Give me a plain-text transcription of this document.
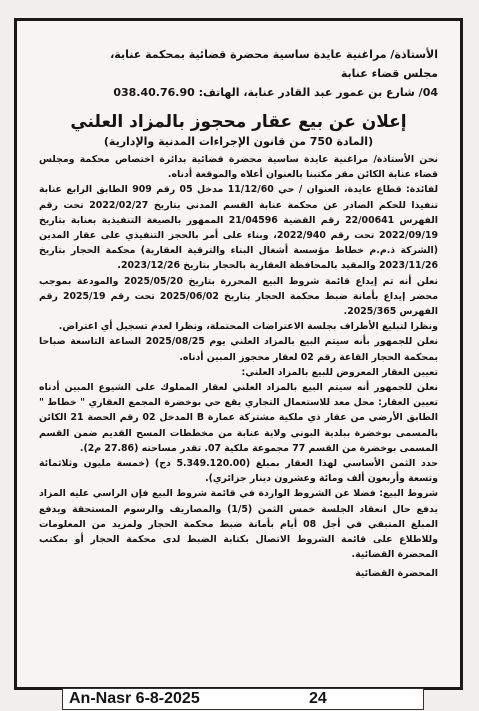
الأستاذة/ مراغنية عايدة ساسية محضرة قضائية بمحكمة عنابة،
مجلس قضاء عنابة
04/ شارع بن عمور عبد القادر عنابة، الهاتف: 038.40.76.90
إعلان عن بيع عقار محجوز بالمزاد العلني
(المادة 750 من قانون الإجراءات المدنية والإدارية)

نحن الأستاذة/ مراغنية عايدة ساسية محضرة قضائية بدائرة اختصاص محكمة ومجلس قضاء عنابة الكائن مقر مكتبنا بالعنوان أعلاه والموقعة أدناه.

لفائدة: قطاع عايدة، العنوان / حي 11/12/60 مدخل 05 رقم 909 الطابق الرابع عنابة تنفيذا للحكم الصادر عن محكمة عنابة القسم المدني بتاريخ 2022/02/27 تحت رقم الفهرس 22/00641 رقم القضية 21/04596 الممهور بالصيغة التنفيذية بعنابة بتاريخ 2022/09/19 تحت رقم 2022/940، وبناء على أمر بالحجز التنفيذي على عقار المدين (الشركة ذ.م.م خطاط مؤسسة أشغال البناء والترقية العقارية) محكمة الحجار بتاريخ 2023/11/26 والمقيد بالمحافظة العقارية بالحجار بتاريخ 2023/12/26.

نعلن أنه تم إيداع قائمة شروط البيع المحررة بتاريخ 2025/05/20 والمودعة بموجب محضر إيداع بأمانة ضبط محكمة الحجار بتاريخ 2025/06/02 تحت رقم 2025/19 رقم الفهرس 2025/365.

ونظرا لتبليغ الأطراف بجلسة الاعتراضات المحتملة، ونظرا لعدم تسجيل أي اعتراض.

نعلن للجمهور بأنه سيتم البيع بالمزاد العلني يوم 2025/08/25 الساعة التاسعة صباحا بمحكمة الحجار القاعة رقم 02 لعقار محجوز المبين أدناه.

تعيين العقار المعروض للبيع بالمزاد العلني:

نعلن للجمهور أنه سيتم البيع بالمزاد العلني لعقار المملوك على الشيوع المبين أدناه تعيين العقار: محل معد للاستعمال التجاري يقع حي بوخضرة المجمع العقاري " خطاط " الطابق الأرضي من عقار ذي ملكية مشتركة عمارة B المدخل 02 رقم الحصة 21 الكائن بالمسمى بوخضرة ببلدية البوني ولاية عنابة من مخططات المسح القديم ضمن القسم المسمى بوخضرة من القسم 77 مجموعة ملكية 07. تقدر مساحته (27.86 م2).

حدد الثمن الأساسي لهذا العقار بمبلغ (5.349.120.00 دج) (خمسة مليون وثلاثمائة وتسعة وأربعون ألف ومائة وعشرون دينار جزائري).

شروط البيع: فضلا عن الشروط الواردة في قائمة شروط البيع فإن الراسي عليه المزاد يدفع حال انعقاد الجلسة خمس الثمن (1/5) والمصاريف والرسوم المستحقة ويدفع المبلغ المتبقي في أجل 08 أيام بأمانة ضبط محكمة الحجار ولمزيد من المعلومات وللاطلاع على قائمة الشروط الاتصال بكتابة الضبط لدى محكمة الحجار أو بمكتب المحضرة القضائية.

المحضرة القضائية
An-Nasr 6-8-2025	24
